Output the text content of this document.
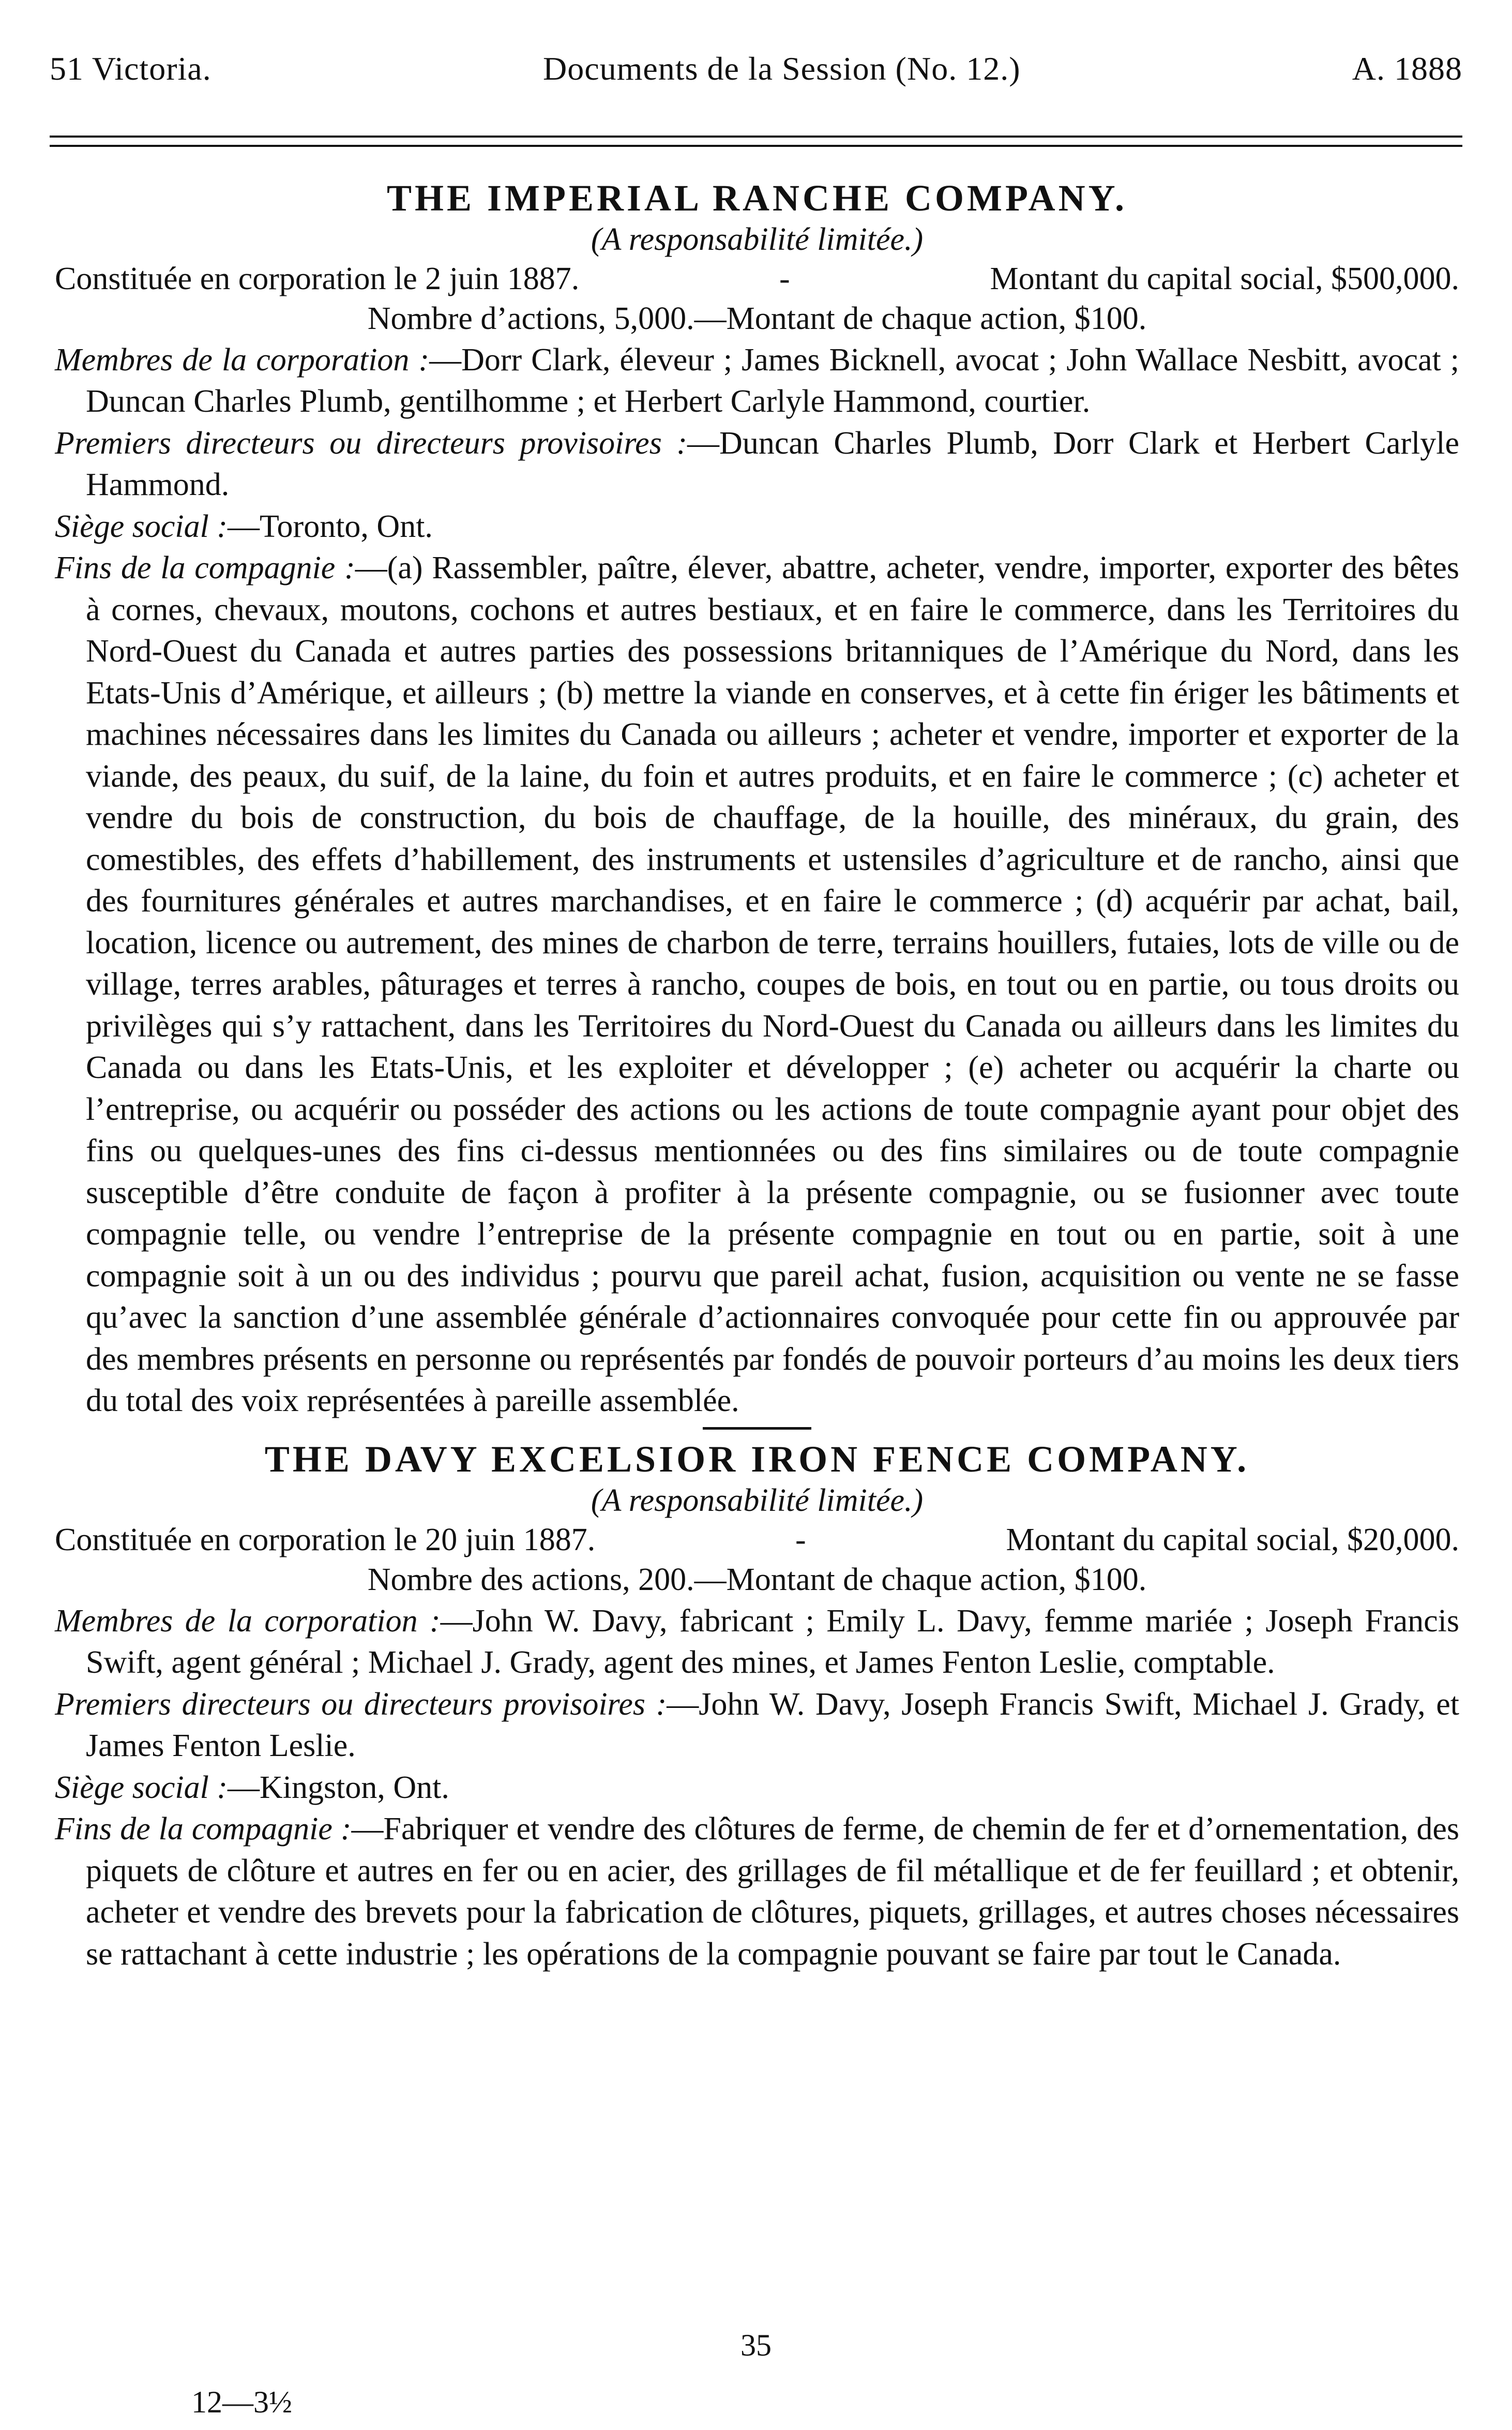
51 Victoria.	Documents de la Session (No. 12.)	A. 1888
THE IMPERIAL RANCHE COMPANY.
(A responsabilité limitée.)
Constituée en corporation le 2 juin 1887.	-	Montant du capital social, $500,000.
Nombre d’actions, 5,000.—Montant de chaque action, $100.
Membres de la corporation :—Dorr Clark, éleveur ; James Bicknell, avocat ; John Wallace Nesbitt, avocat ; Duncan Charles Plumb, gentilhomme ; et Herbert Carlyle Hammond, courtier.
Premiers directeurs ou directeurs provisoires :—Duncan Charles Plumb, Dorr Clark et Herbert Carlyle Hammond.
Siège social :—Toronto, Ont.
Fins de la compagnie :—(a) Rassembler, paître, élever, abattre, acheter, vendre, importer, exporter des bêtes à cornes, chevaux, moutons, cochons et autres bestiaux, et en faire le commerce, dans les Territoires du Nord-Ouest du Canada et autres parties des possessions britanniques de l’Amérique du Nord, dans les Etats-Unis d’Amérique, et ailleurs ; (b) mettre la viande en conserves, et à cette fin ériger les bâtiments et machines nécessaires dans les limites du Canada ou ailleurs ; acheter et vendre, importer et exporter de la viande, des peaux, du suif, de la laine, du foin et autres produits, et en faire le commerce ; (c) acheter et vendre du bois de construction, du bois de chauffage, de la houille, des minéraux, du grain, des comestibles, des effets d’habillement, des instruments et ustensiles d’agriculture et de rancho, ainsi que des fournitures générales et autres marchandises, et en faire le commerce ; (d) acquérir par achat, bail, location, licence ou autrement, des mines de charbon de terre, terrains houillers, futaies, lots de ville ou de village, terres arables, pâturages et terres à rancho, coupes de bois, en tout ou en partie, ou tous droits ou privilèges qui s’y rattachent, dans les Territoires du Nord-Ouest du Canada ou ailleurs dans les limites du Canada ou dans les Etats-Unis, et les exploiter et développer ; (e) acheter ou acquérir la charte ou l’entreprise, ou acquérir ou posséder des actions ou les actions de toute compagnie ayant pour objet des fins ou quelques-unes des fins ci-dessus mentionnées ou des fins similaires ou de toute compagnie susceptible d’être conduite de façon à profiter à la présente compagnie, ou se fusionner avec toute compagnie telle, ou vendre l’entreprise de la présente compagnie en tout ou en partie, soit à une compagnie soit à un ou des individus ; pourvu que pareil achat, fusion, acquisition ou vente ne se fasse qu’avec la sanction d’une assemblée générale d’actionnaires convoquée pour cette fin ou approuvée par des membres présents en personne ou représentés par fondés de pouvoir porteurs d’au moins les deux tiers du total des voix représentées à pareille assemblée.
THE DAVY EXCELSIOR IRON FENCE COMPANY.
(A responsabilité limitée.)
Constituée en corporation le 20 juin 1887.	-	Montant du capital social, $20,000.
Nombre des actions, 200.—Montant de chaque action, $100.
Membres de la corporation :—John W. Davy, fabricant ; Emily L. Davy, femme mariée ; Joseph Francis Swift, agent général ; Michael J. Grady, agent des mines, et James Fenton Leslie, comptable.
Premiers directeurs ou directeurs provisoires :—John W. Davy, Joseph Francis Swift, Michael J. Grady, et James Fenton Leslie.
Siège social :—Kingston, Ont.
Fins de la compagnie :—Fabriquer et vendre des clôtures de ferme, de chemin de fer et d’ornementation, des piquets de clôture et autres en fer ou en acier, des grillages de fil métallique et de fer feuillard ; et obtenir, acheter et vendre des brevets pour la fabrication de clôtures, piquets, grillages, et autres choses nécessaires se rattachant à cette industrie ; les opérations de la compagnie pouvant se faire par tout le Canada.
35
12—3½
